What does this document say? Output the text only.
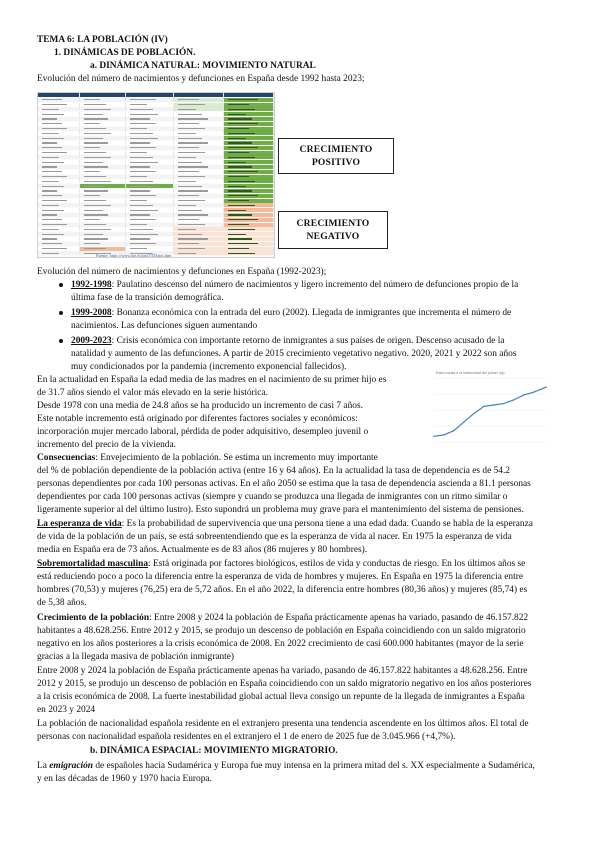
TEMA 6: LA POBLACIÓN (IV)
1. DINÁMICAS DE POBLACIÓN.
a. DINÁMICA NATURAL: MOVIMIENTO NATURAL
Evolución del número de nacimientos y defunciones en España desde 1992 hasta 2023;
Fuente: https://www.ine.es/jaxiT3/Datos.htm
CRECIMIENTO
POSITIVO
CRECIMIENTO
NEGATIVO
Evolución del número de nacimientos y defunciones en España (1992-2023);
1992-1998: Paulatino descenso del número de nacimientos y ligero incremento del número de defunciones propio de la
última fase de la transición demográfica.
1999-2008: Bonanza económica con la entrada del euro (2002). Llegada de inmigrantes que incrementa el número de
nacimientos. Las defunciones siguen aumentando
2009-2023: Crisis económica con importante retorno de inmigrantes a sus países de origen. Descenso acusado de la
natalidad y aumento de las defunciones. A partir de 2015 crecimiento vegetativo negativo. 2020, 2021 y 2022 son años
muy condicionados por la pandemia (incremento exponencial fallecidos).
En la actualidad en España la edad media de las madres en el nacimiento de su primer hijo es
de 31.7 años siendo el valor más elevado en la serie histórica.
Desde 1978 con una media de 24.8 años se ha producido un incremento de casi 7 años.
Este notable incremento está originado por diferentes factores sociales y económicos:
incorporación mujer mercado laboral, pérdida de poder adquisitivo, desempleo juvenil o
incremento del precio de la vivienda.
Edad media a la maternidad del primer hijo
Consecuencias: Envejecimiento de la población. Se estima un incremento muy importante
del % de población dependiente de la población activa (entre 16 y 64 años). En la actualidad la tasa de dependencia es de 54.2
personas dependientes por cada 100 personas activas. En el año 2050 se estima que la tasa de dependencia ascienda a 81.1 personas
dependientes por cada 100 personas activas (siempre y cuando se produzca una llegada de inmigrantes con un ritmo similar o
ligeramente superior al del último lustro). Esto supondrá un problema muy grave para el mantenimiento del sistema de pensiones.
La esperanza de vida: Es la probabilidad de supervivencia que una persona tiene a una edad dada. Cuando se habla de la esperanza
de vida de la población de un país, se está sobreentendiendo que es la esperanza de vida al nacer. En 1975 la esperanza de vida
media en España era de 73 años. Actualmente es de 83 años (86 mujeres y 80 hombres).
Sobremortalidad masculina: Está originada por factores biológicos, estilos de vida y conductas de riesgo. En los últimos años se
está reduciendo poco a poco la diferencia entre la esperanza de vida de hombres y mujeres. En España en 1975 la diferencia entre
hombres (70,53) y mujeres (76,25) era de 5,72 años. En el año 2022, la diferencia entre hombres (80,36 años) y mujeres (85,74) es
de 5,38 años.
Crecimiento de la población: Entre 2008 y 2024 la población de España prácticamente apenas ha variado, pasando de 46.157.822
habitantes a 48.628.256. Entre 2012 y 2015, se produjo un descenso de población en España coincidiendo con un saldo migratorio
negativo en los años posteriores a la crisis económica de 2008. En 2022 crecimiento de casi 600.000 habitantes (mayor de la serie
gracias a la llegada masiva de población inmigrante)
Entre 2008 y 2024 la población de España prácticamente apenas ha variado, pasando de 46.157.822 habitantes a 48.628.256. Entre
2012 y 2015, se produjo un descenso de población en España coincidiendo con un saldo migratorio negativo en los años posteriores
a la crisis económica de 2008. La fuerte inestabilidad global actual lleva consigo un repunte de la llegada de inmigrantes a España
en 2023 y 2024
La población de nacionalidad española residente en el extranjero presenta una tendencia ascendente en los últimos años. El total de
personas con nacionalidad española residentes en el extranjero el 1 de enero de 2025 fue de 3.045.966 (+4,7%).
b. DINÁMICA ESPACIAL: MOVIMIENTO MIGRATORIO.
La emigración de españoles hacia Sudamérica y Europa fue muy intensa en la primera mitad del s. XX especialmente a Sudamérica,
y en las décadas de 1960 y 1970 hacia Europa.
